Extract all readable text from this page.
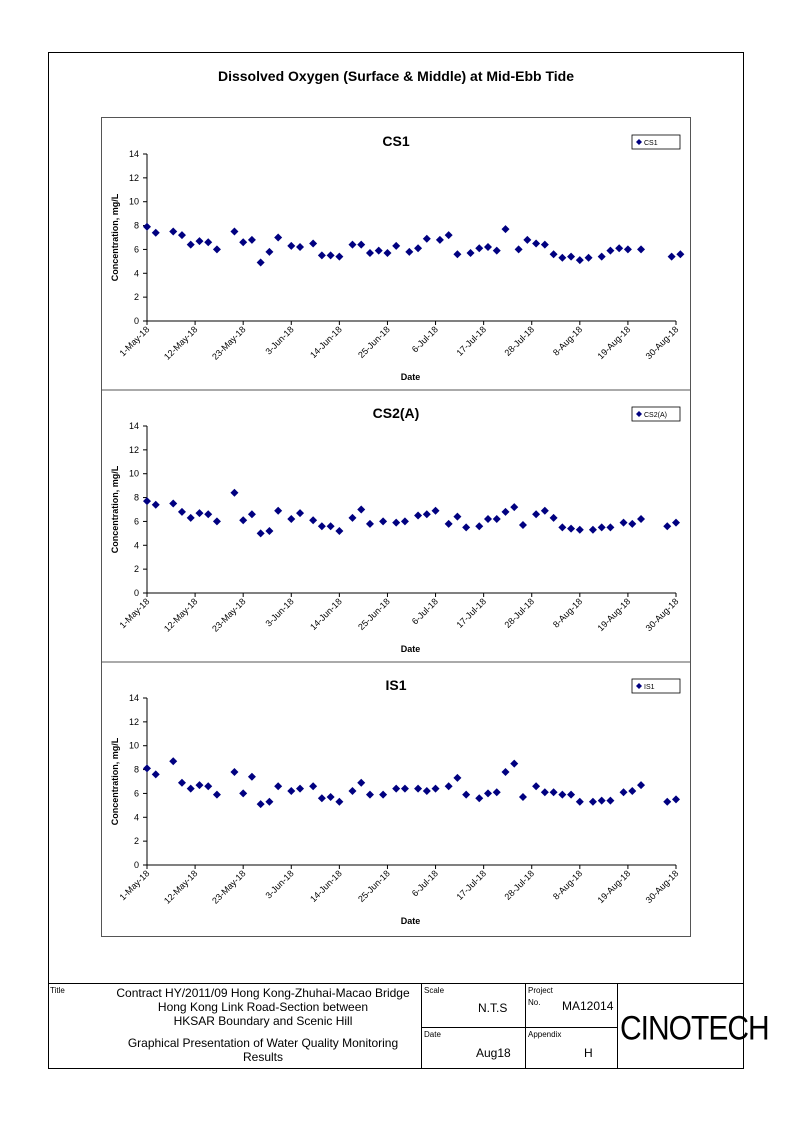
Dissolved Oxygen (Surface & Middle) at Mid-Ebb Tide
CS1
0
2
4
6
8
10
12
14
1-May-18 12-May-18 23-May-18 3-Jun-18 14-Jun-18 25-Jun-18 6-Jul-18 17-Jul-18 28-Jul-18 8-Aug-18 19-Aug-18 30-Aug-18
Date
Concentration, mg/L
CS1
CS2(A)
0
2
4
6
8
10
12
14
1-May-18 12-May-18 23-May-18 3-Jun-18 14-Jun-18 25-Jun-18 6-Jul-18 17-Jul-18 28-Jul-18 8-Aug-18 19-Aug-18 30-Aug-18
Date
Concentration, mg/L
CS2(A)
IS1
0
2
4
6
8
10
12
14
1-May-18 12-May-18 23-May-18 3-Jun-18 14-Jun-18 25-Jun-18 6-Jul-18 17-Jul-18 28-Jul-18 8-Aug-18 19-Aug-18 30-Aug-18
Date
Concentration, mg/L
IS1
Title	Contract HY/2011/09 Hong Kong-Zhuhai-Macao Bridge
Hong Kong Link Road-Section between
HKSAR Boundary and Scenic Hill
Graphical Presentation of Water Quality Monitoring
Results
Scale
N.T.S
Date
Aug18
Project
No. MA12014
Appendix
H
CINOTECH
